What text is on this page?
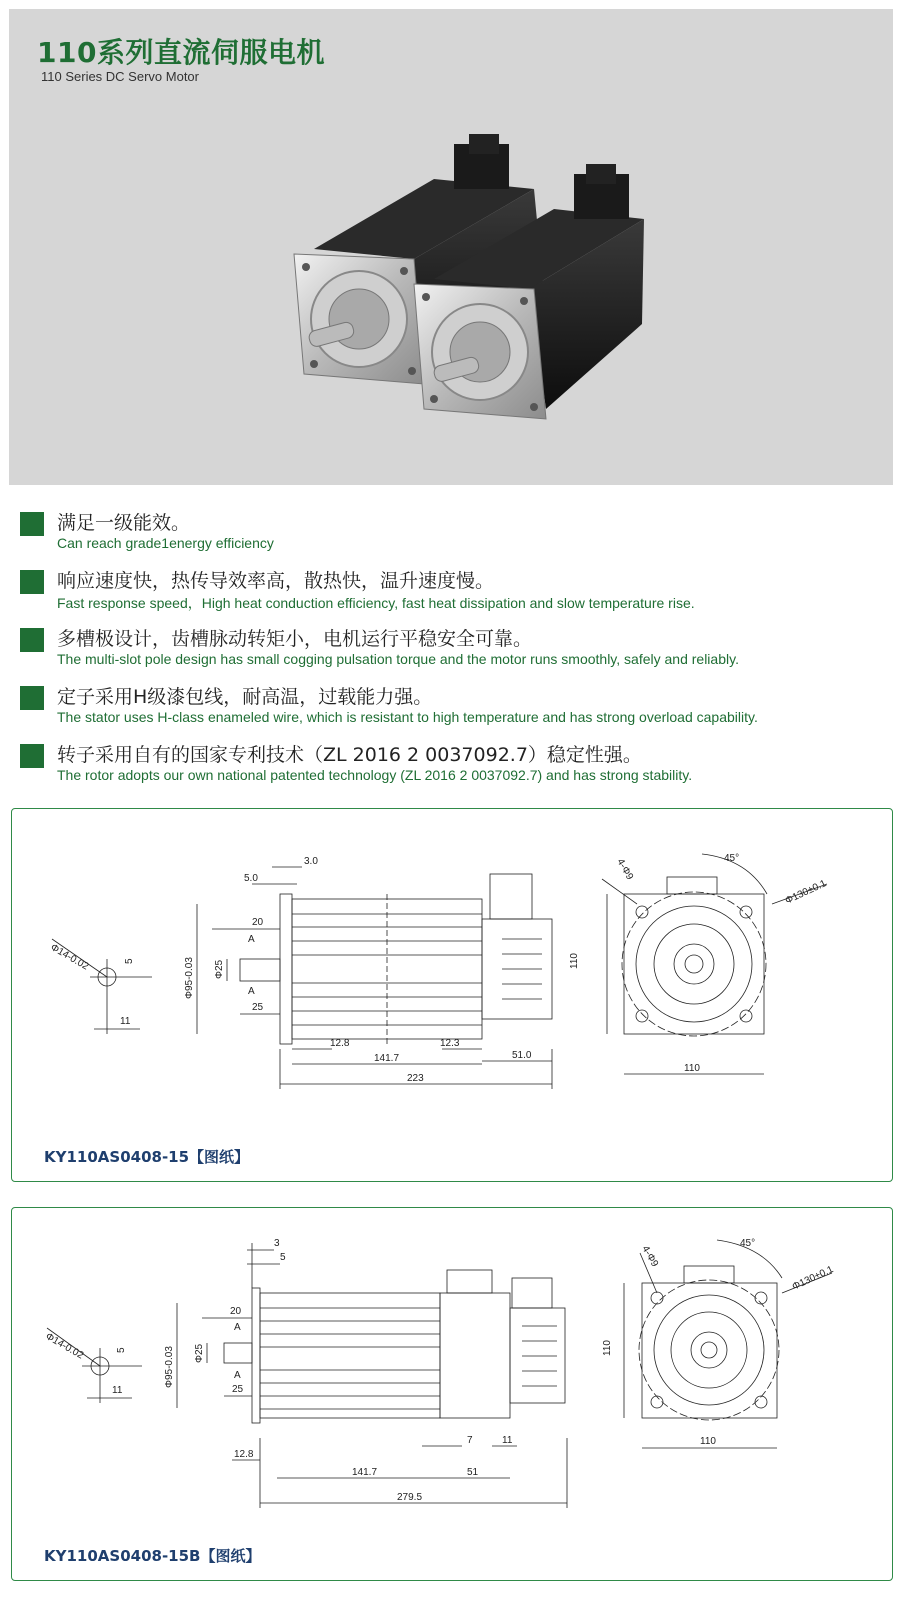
110系列直流伺服电机
110 Series DC Servo Motor
满足一级能效。
Can reach grade1energy efficiency
响应速度快，热传导效率高，散热快，温升速度慢。
Fast response speed，High heat conduction efficiency, fast heat dissipation and slow temperature rise.
多槽极设计，齿槽脉动转矩小，电机运行平稳安全可靠。
The multi-slot pole design has small cogging pulsation torque and the motor runs smoothly, safely and reliably.
定子采用H级漆包线，耐高温，过载能力强。
The stator uses H-class enameled wire, which is resistant to high temperature and has strong overload capability.
转子采用自有的国家专利技术（ZL 2016 2 0037092.7）稳定性强。
The rotor adopts our own national patented technology (ZL 2016 2 0037092.7) and has strong stability.
Φ14-0.02	5
11
3.0
5.0
20
25
Φ95-0.03 Φ25
A
A
12.8	12.3
141.7	51.0
223
110
110
Φ130±0.1
45°
4-Φ9
KY110AS0408-15【图纸】
Φ14-0.02	5
11
3
5
20
25
Φ95-0.03 Φ25
A
A
12.8
7	11
141.7	51
279.5
110
110
Φ130±0.1
45°
4-Φ9
KY110AS0408-15B【图纸】
